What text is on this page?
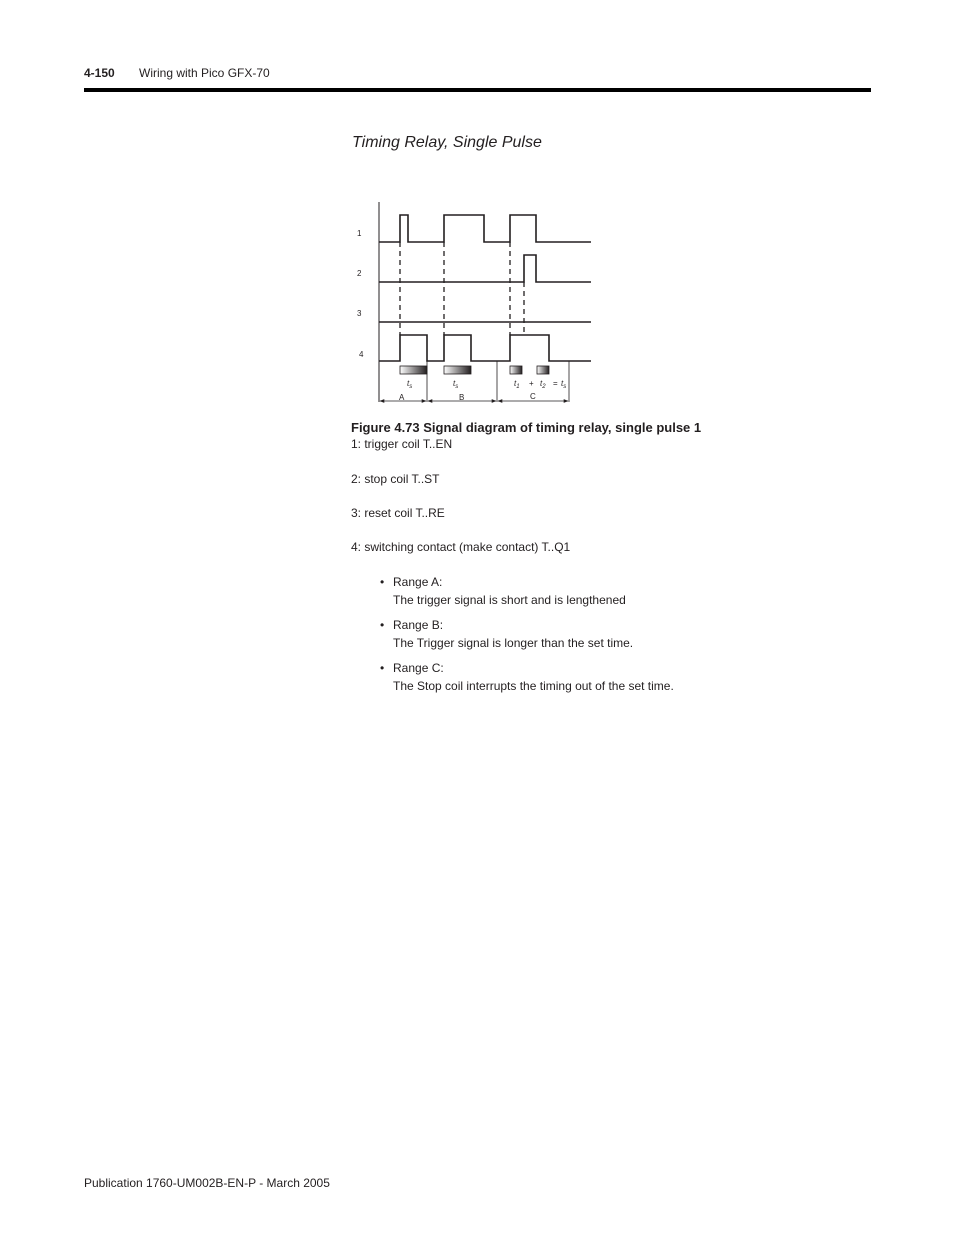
4-150 Wiring with Pico GFX-70
Timing Relay, Single Pulse
1
2
3
4
$t_s$	$t_s$	$t_1 + t_2 = t_s$
A	B	C
Figure 4.73 Signal diagram of timing relay, single pulse 1
1: trigger coil T..EN
2: stop coil T..ST
3: reset coil T..RE
4: switching contact (make contact) T..Q1
• Range A:
The trigger signal is short and is lengthened
• Range B:
The Trigger signal is longer than the set time.
• Range C:
The Stop coil interrupts the timing out of the set time.
Publication 1760-UM002B-EN-P - March 2005
